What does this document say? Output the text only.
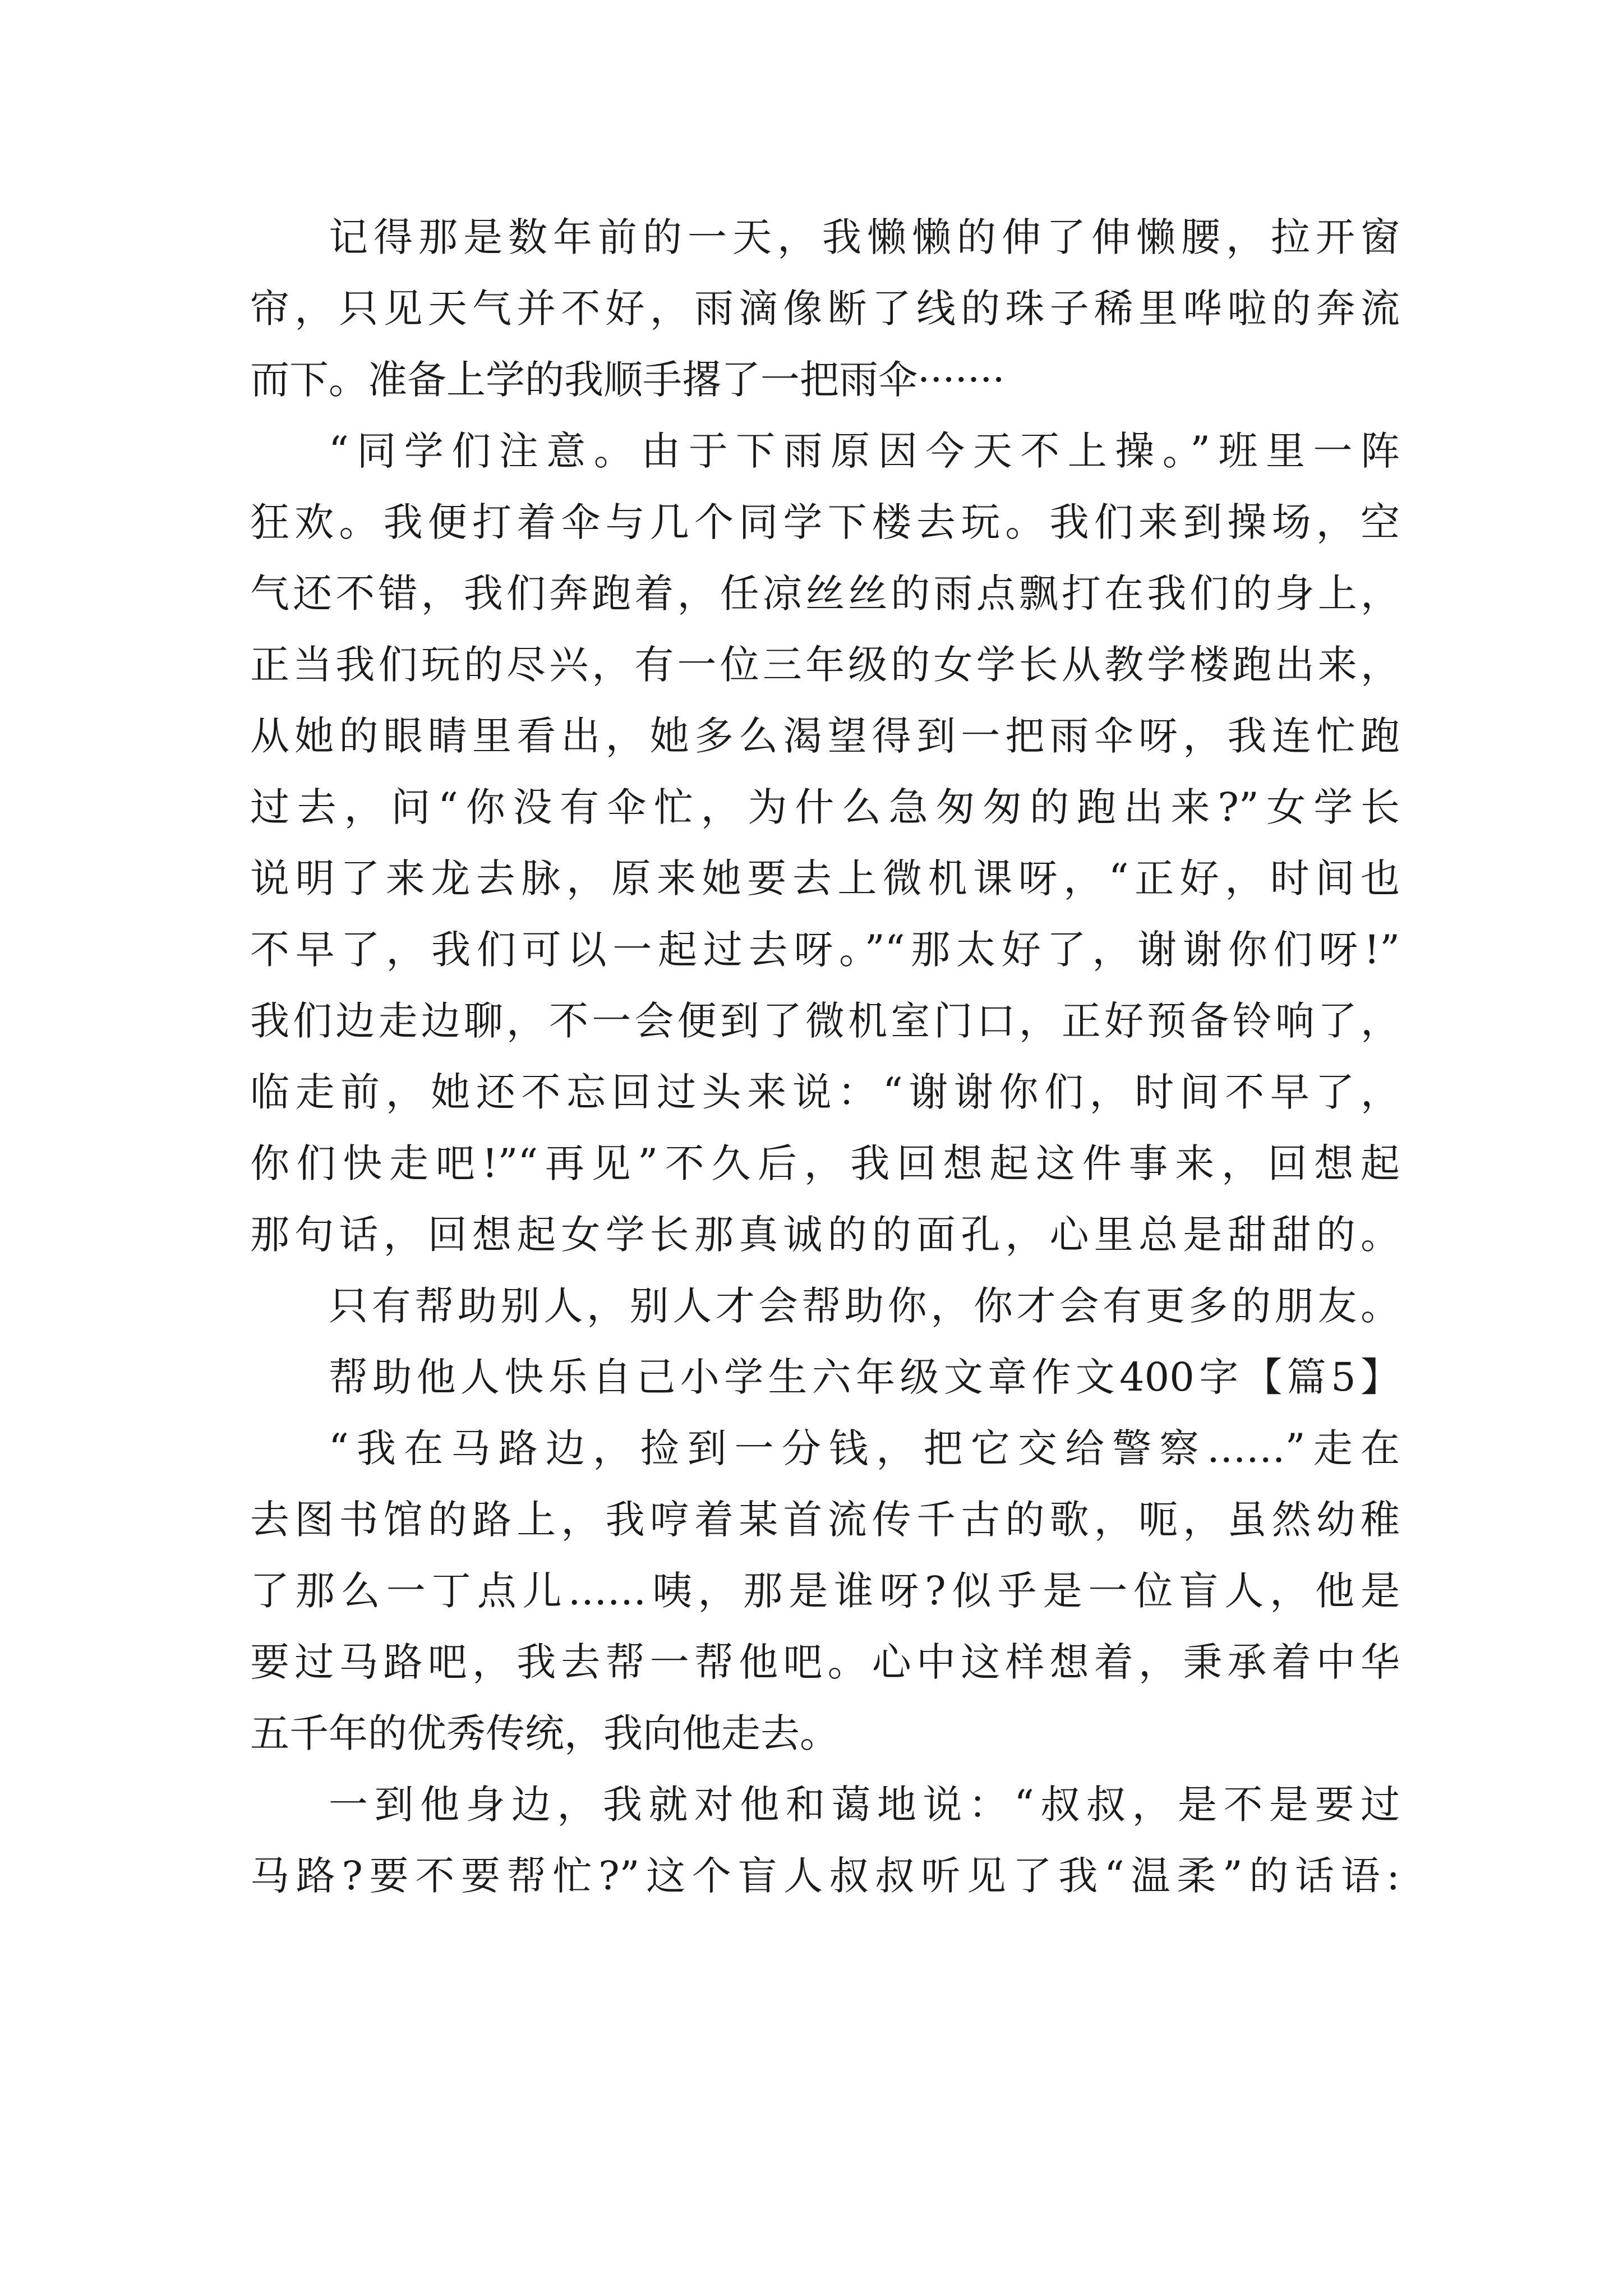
记得那是数年前的一天，我懒懒的伸了伸懒腰，拉开窗
帘，只见天气并不好，雨滴像断了线的珠子稀里哗啦的奔流
而下。准备上学的我顺手撂了一把雨伞·······
“同学们注意。由于下雨原因今天不上操。”班里一阵
狂欢。我便打着伞与几个同学下楼去玩。我们来到操场，空
气还不错，我们奔跑着，任凉丝丝的雨点飘打在我们的身上，
正当我们玩的尽兴，有一位三年级的女学长从教学楼跑出来，
从她的眼睛里看出，她多么渴望得到一把雨伞呀，我连忙跑
过去，问“你没有伞忙，为什么急匆匆的跑出来?”女学长
说明了来龙去脉，原来她要去上微机课呀，“正好，时间也
不早了，我们可以一起过去呀。”“那太好了，谢谢你们呀!”
我们边走边聊，不一会便到了微机室门口，正好预备铃响了，
临走前，她还不忘回过头来说：“谢谢你们，时间不早了，
你们快走吧!”“再见”不久后，我回想起这件事来，回想起
那句话，回想起女学长那真诚的的面孔，心里总是甜甜的。
只有帮助别人，别人才会帮助你，你才会有更多的朋友。
帮助他人快乐自己小学生六年级文章作文400字【篇5】
“我在马路边，捡到一分钱，把它交给警察……”走在
去图书馆的路上，我哼着某首流传千古的歌，呃，虽然幼稚
了那么一丁点儿……咦，那是谁呀?似乎是一位盲人，他是
要过马路吧，我去帮一帮他吧。心中这样想着，秉承着中华
五千年的优秀传统，我向他走去。
一到他身边，我就对他和蔼地说：“叔叔，是不是要过
马路?要不要帮忙?”这个盲人叔叔听见了我“温柔”的话语:
